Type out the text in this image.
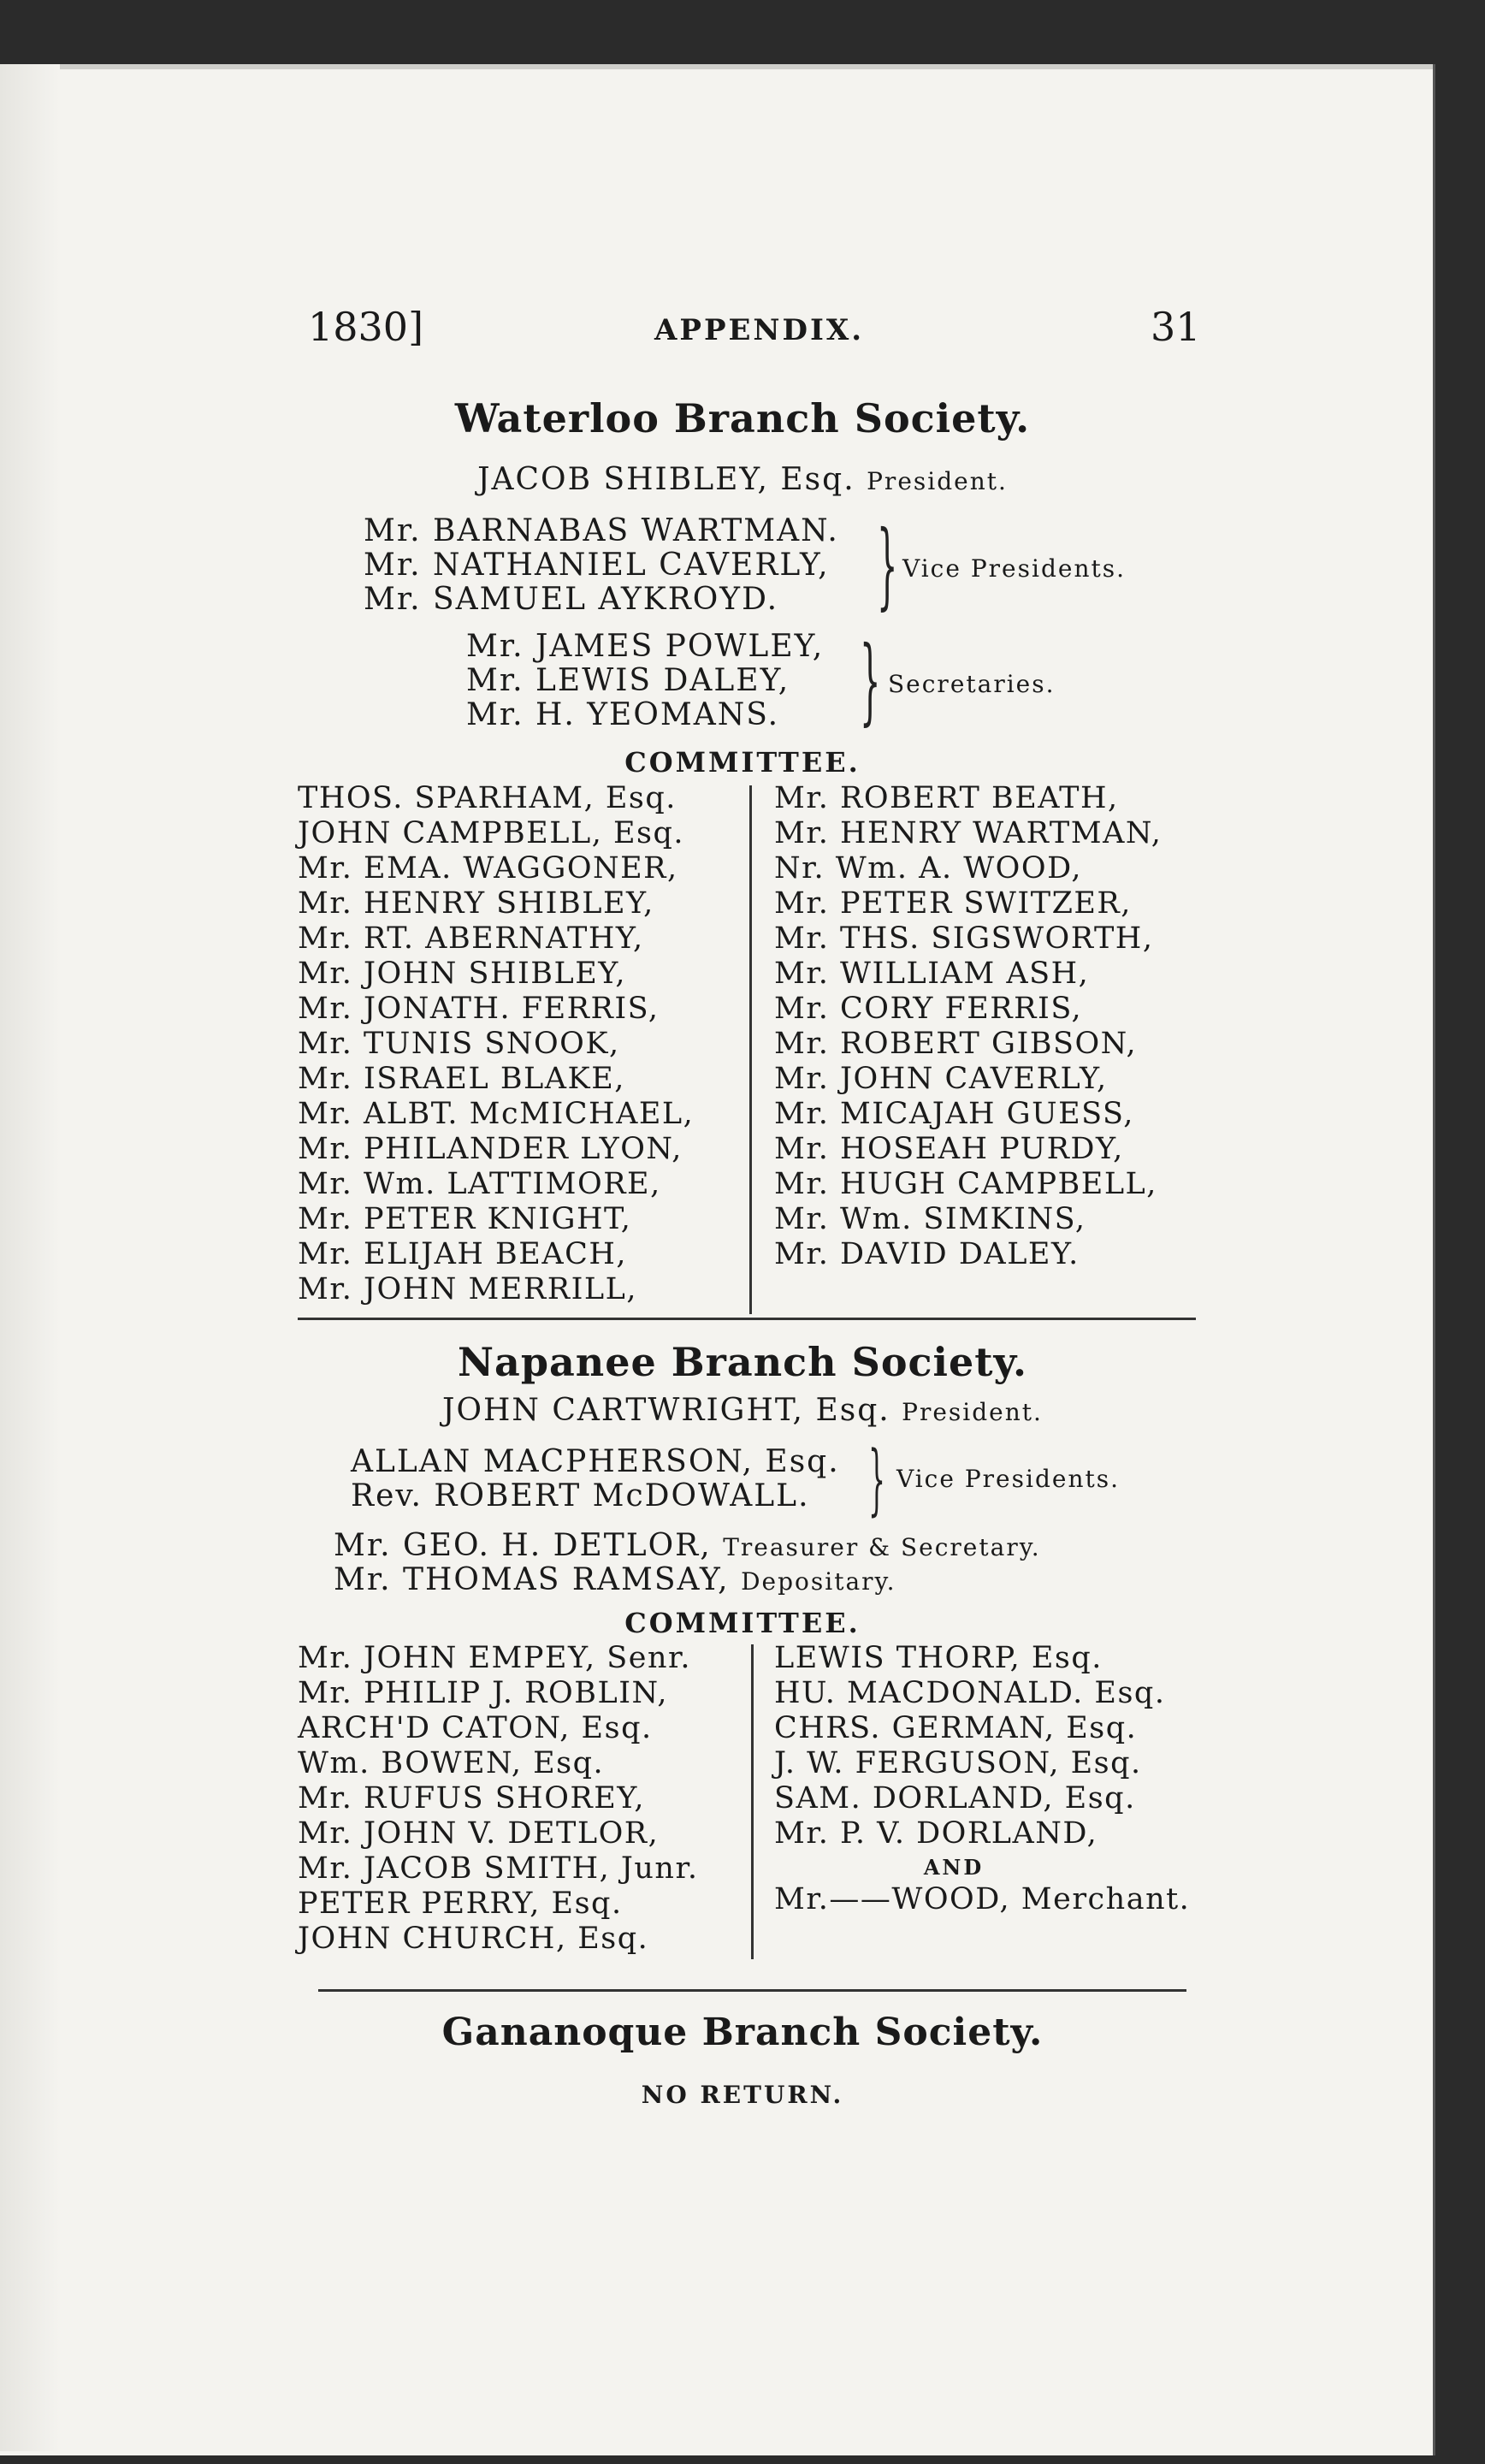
1830]	APPENDIX.	31
Waterloo Branch Society.
JACOB SHIBLEY, Esq. President.
Mr. BARNABAS WARTMAN.
Mr. NATHANIEL CAVERLY,
Mr. SAMUEL AYKROYD. } Vice Presidents.
Mr. JAMES POWLEY,
Mr. LEWIS DALEY,
Mr. H. YEOMANS. } Secretaries.
COMMITTEE.
THOS. SPARHAM, Esq.
JOHN CAMPBELL, Esq.
Mr. EMA. WAGGONER,
Mr. HENRY SHIBLEY,
Mr. RT. ABERNATHY,
Mr. JOHN SHIBLEY,
Mr. JONATH. FERRIS,
Mr. TUNIS SNOOK,
Mr. ISRAEL BLAKE,
Mr. ALBT. McMICHAEL,
Mr. PHILANDER LYON,
Mr. Wm. LATTIMORE,
Mr. PETER KNIGHT,
Mr. ELIJAH BEACH,
Mr. JOHN MERRILL,
Mr. ROBERT BEATH,
Mr. HENRY WARTMAN,
Nr. Wm. A. WOOD,
Mr. PETER SWITZER,
Mr. THS. SIGSWORTH,
Mr. WILLIAM ASH,
Mr. CORY FERRIS,
Mr. ROBERT GIBSON,
Mr. JOHN CAVERLY,
Mr. MICAJAH GUESS,
Mr. HOSEAH PURDY,
Mr. HUGH CAMPBELL,
Mr. Wm. SIMKINS,
Mr. DAVID DALEY.
Napanee Branch Society.
JOHN CARTWRIGHT, Esq. President.
ALLAN MACPHERSON, Esq.
Rev. ROBERT McDOWALL. } Vice Presidents.
Mr. GEO. H. DETLOR, Treasurer & Secretary.
Mr. THOMAS RAMSAY, Depositary.
COMMITTEE.
Mr. JOHN EMPEY, Senr.
Mr. PHILIP J. ROBLIN,
ARCH'D CATON, Esq.
Wm. BOWEN, Esq.
Mr. RUFUS SHOREY,
Mr. JOHN V. DETLOR,
Mr. JACOB SMITH, Junr.
PETER PERRY, Esq.
JOHN CHURCH, Esq.
LEWIS THORP, Esq.
HU. MACDONALD. Esq.
CHRS. GERMAN, Esq.
J. W. FERGUSON, Esq.
SAM. DORLAND, Esq.
Mr. P. V. DORLAND,
AND
Mr.——WOOD, Merchant.
Gananoque Branch Society.
NO RETURN.
